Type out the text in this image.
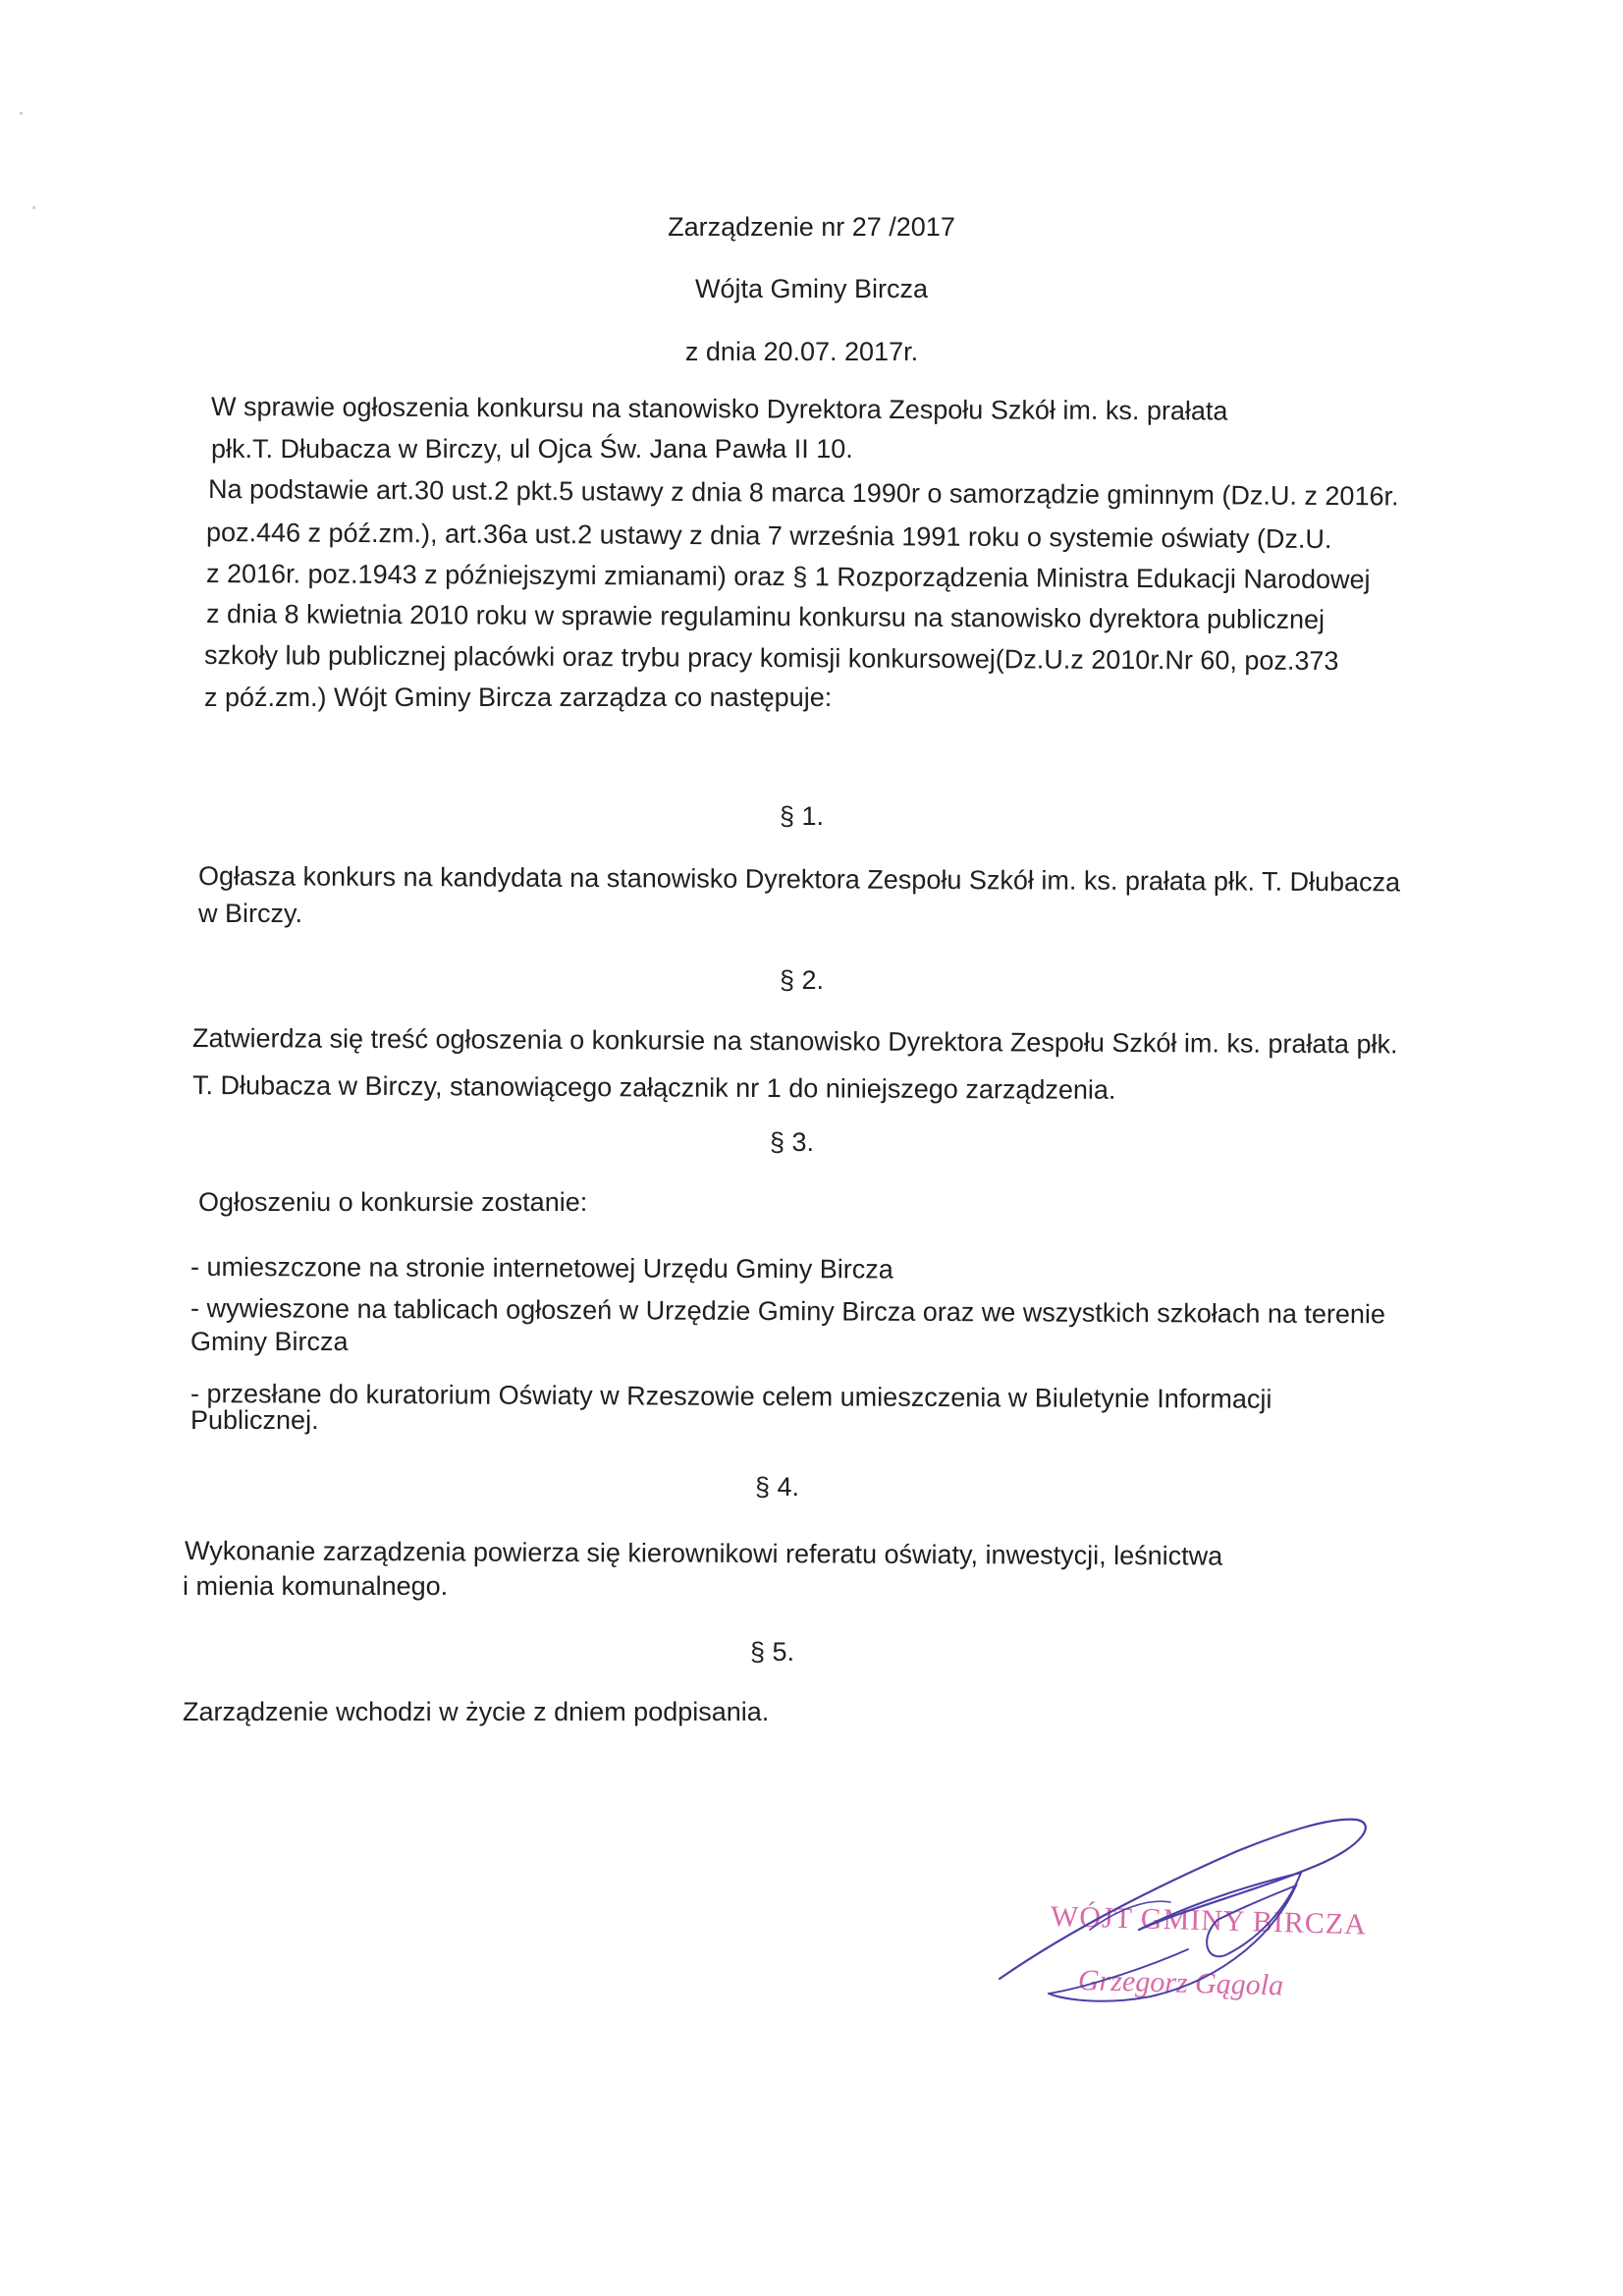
Zarządzenie nr 27 /2017
Wójta Gminy Bircza
z dnia 20.07. 2017r.
W sprawie ogłoszenia konkursu na stanowisko Dyrektora Zespołu Szkół im. ks. prałata
płk.T. Dłubacza w Birczy, ul Ojca Św. Jana Pawła II 10.
Na podstawie art.30 ust.2 pkt.5 ustawy z dnia 8 marca 1990r o samorządzie gminnym (Dz.U. z 2016r.
poz.446 z póź.zm.), art.36a ust.2 ustawy z dnia 7 września 1991 roku o systemie oświaty (Dz.U.
z 2016r. poz.1943 z późniejszymi zmianami) oraz § 1 Rozporządzenia Ministra Edukacji Narodowej
z dnia 8 kwietnia 2010 roku w sprawie regulaminu konkursu na stanowisko dyrektora publicznej
szkoły lub publicznej placówki oraz trybu pracy komisji konkursowej(Dz.U.z 2010r.Nr 60, poz.373
z póź.zm.) Wójt Gminy Bircza zarządza co następuje:
§ 1.
Ogłasza konkurs na kandydata na stanowisko Dyrektora Zespołu Szkół im. ks. prałata płk. T. Dłubacza
w Birczy.
§ 2.
Zatwierdza się treść ogłoszenia o konkursie na stanowisko Dyrektora Zespołu Szkół im. ks. prałata płk.
T. Dłubacza w Birczy, stanowiącego załącznik nr 1 do niniejszego zarządzenia.
§ 3.
Ogłoszeniu o konkursie zostanie:
- umieszczone na stronie internetowej Urzędu Gminy Bircza
- wywieszone na tablicach ogłoszeń w Urzędzie Gminy Bircza oraz we wszystkich szkołach na terenie
Gminy Bircza
- przesłane do kuratorium Oświaty w Rzeszowie celem umieszczenia w Biuletynie Informacji
Publicznej.
§ 4.
Wykonanie zarządzenia powierza się kierownikowi referatu oświaty, inwestycji, leśnictwa
i mienia komunalnego.
§ 5.
Zarządzenie wchodzi w życie z dniem podpisania.
WÓJT GMINY BIRCZA
Grzegorz Gągola
